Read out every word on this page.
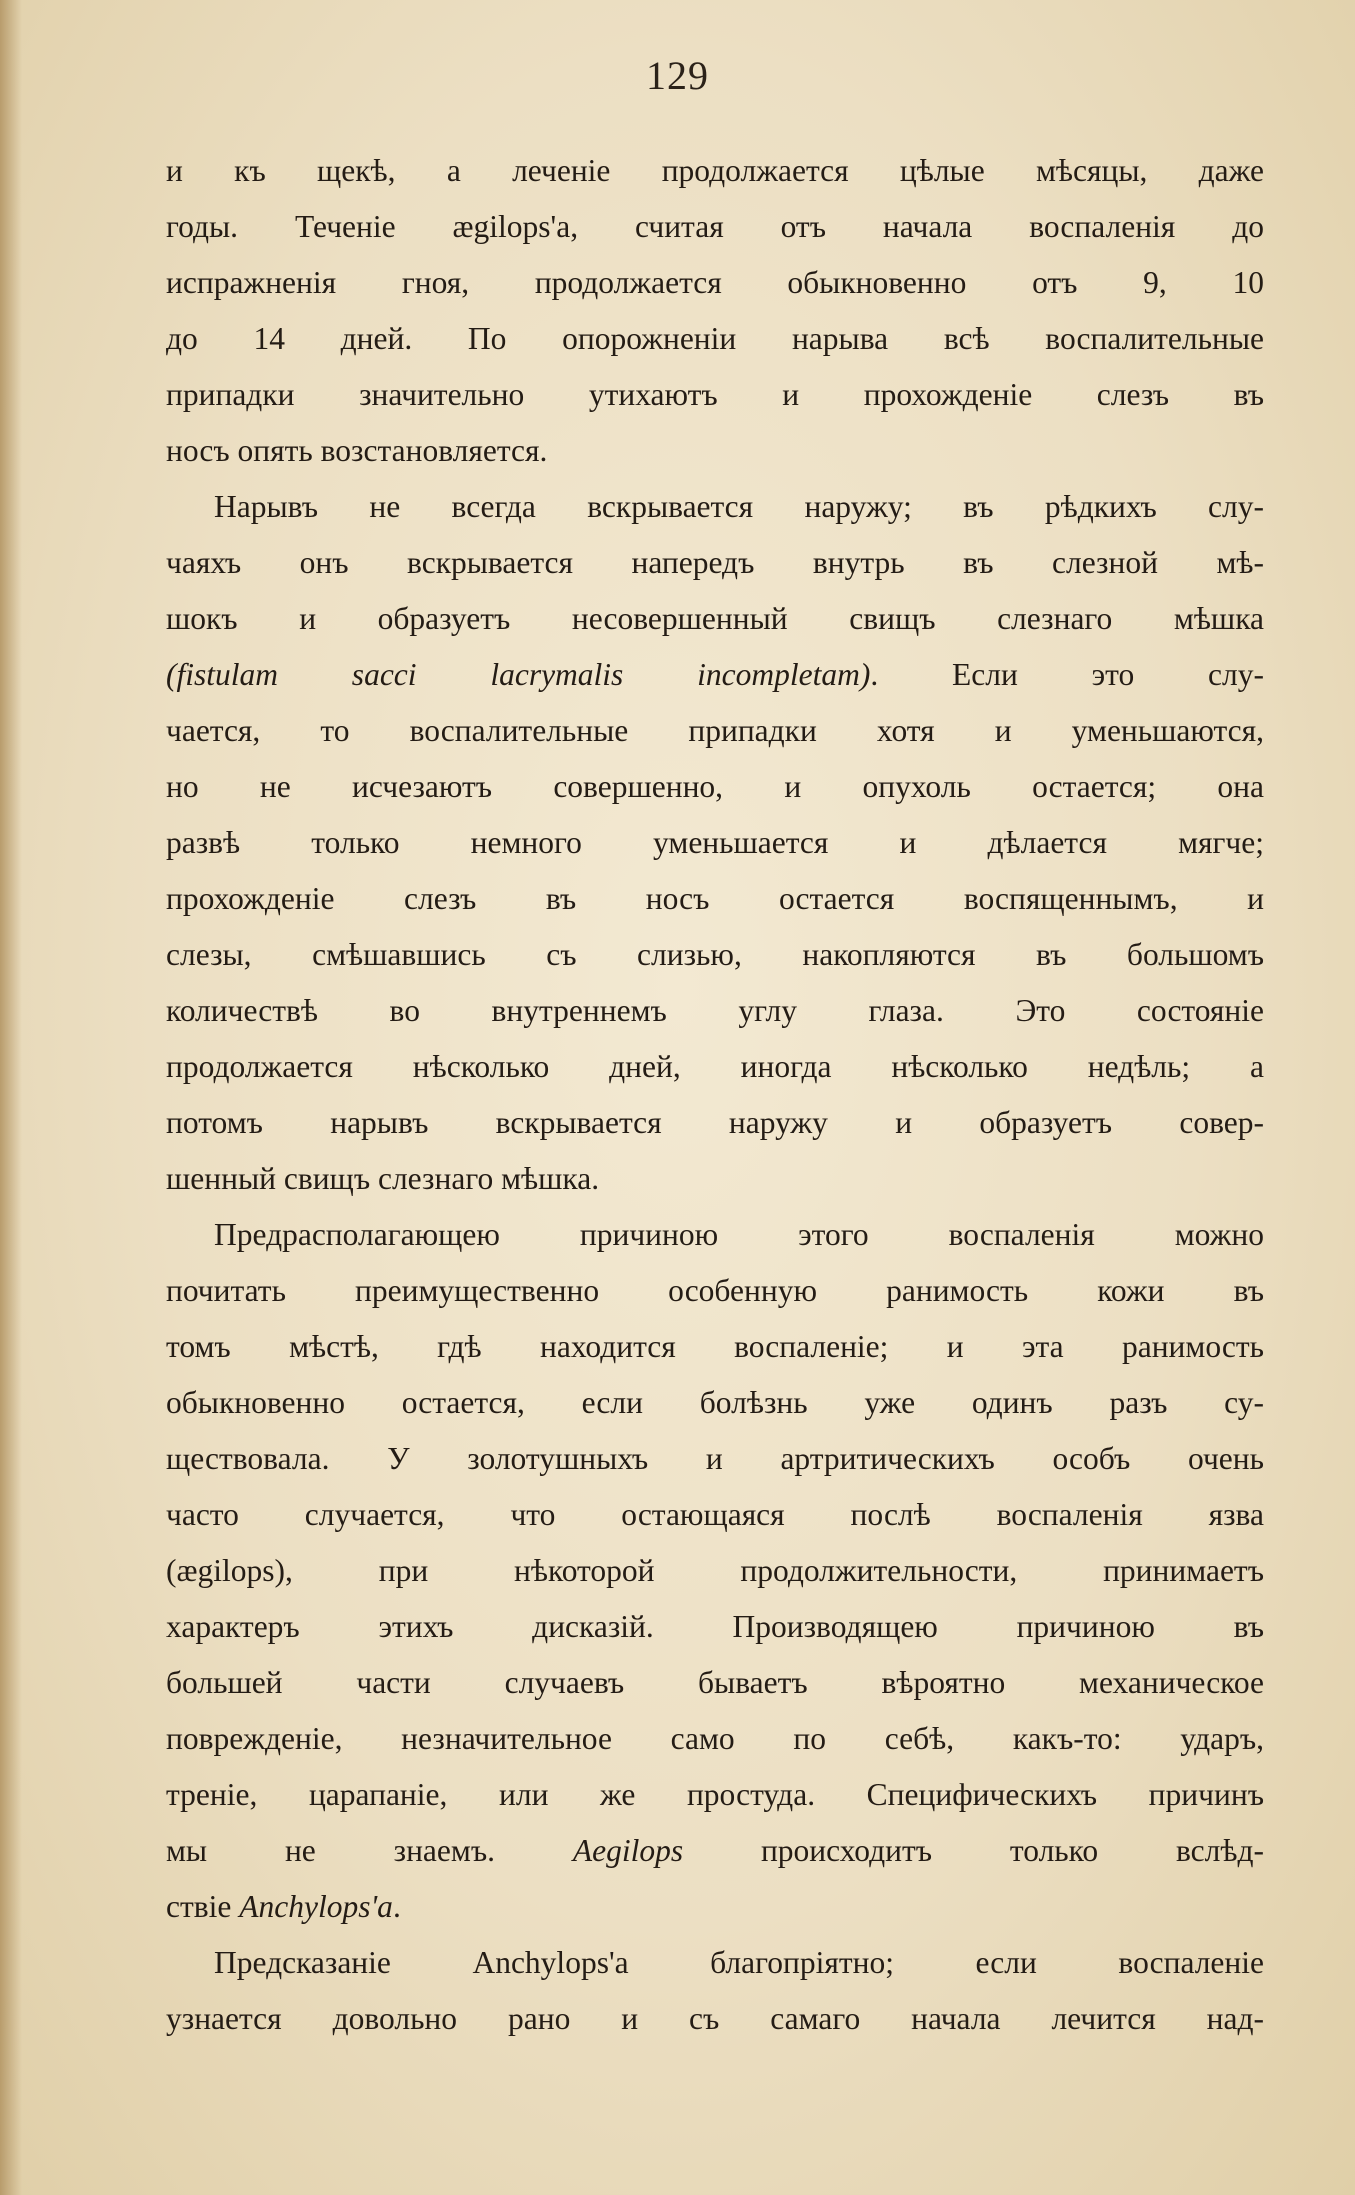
129
и къ щекѣ, а леченіе продолжается цѣлые мѣсяцы, даже
годы. Теченіе ægilops'а, считая отъ начала воспаленія до
испражненія гноя, продолжается обыкновенно отъ 9, 10
до 14 дней. По опорожненіи нарыва всѣ воспалительные
припадки значительно утихаютъ и прохожденіе слезъ въ
носъ опять возстановляется.
Нарывъ не всегда вскрывается наружу; въ рѣдкихъ слу-
чаяхъ онъ вскрывается напередъ внутрь въ слезной мѣ-
шокъ и образуетъ несовершенный свищъ слезнаго мѣшка
(fistulam sacci lacrymalis incompletam). Если это слу-
чается, то воспалительные припадки хотя и уменьшаются,
но не исчезаютъ совершенно, и опухоль остается; она
развѣ только немного уменьшается и дѣлается мягче;
прохожденіе слезъ въ носъ остается воспященнымъ, и
слезы, смѣшавшись съ слизью, накопляются въ большомъ
количествѣ во внутреннемъ углу глаза. Это состояніе
продолжается нѣсколько дней, иногда нѣсколько недѣль; а
потомъ нарывъ вскрывается наружу и образуетъ совер-
шенный свищъ слезнаго мѣшка.
Предрасполагающею причиною этого воспаленія можно
почитать преимущественно особенную ранимость кожи въ
томъ мѣстѣ, гдѣ находится воспаленіе; и эта ранимость
обыкновенно остается, если болѣзнь уже одинъ разъ су-
ществовала. У золотушныхъ и артритическихъ особъ очень
часто случается, что остающаяся послѣ воспаленія язва
(ægilops), при нѣкоторой продолжительности, принимаетъ
характеръ этихъ дисказій. Производящею причиною въ
большей части случаевъ бываетъ вѣроятно механическое
поврежденіе, незначительное само по себѣ, какъ-то: ударъ,
треніе, царапаніе, или же простуда. Специфическихъ причинъ
мы не знаемъ. Aegilops происходитъ только вслѣд-
ствіе Anchylops'a.
Предсказаніе Anchylops'а благопріятно; если воспаленіе
узнается довольно рано и съ самаго начала лечится над-
